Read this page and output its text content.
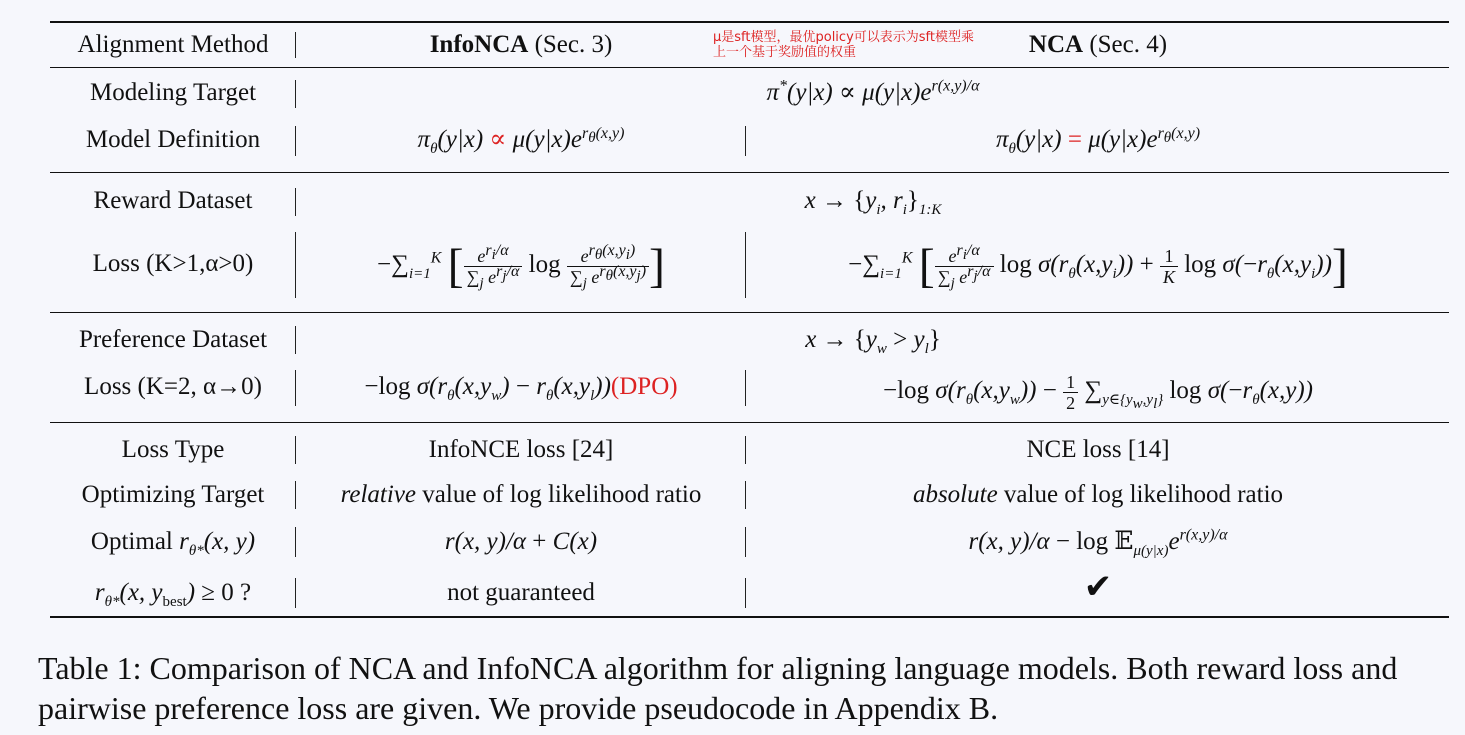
Alignment Method	InfoNCA (Sec. 3)	NCA (Sec. 4)
μ是sft模型，最优policy可以表示为sft模型乘上一个基于奖励值的权重
Modeling Target	$\pi^*(y|x) \propto \mu(y|x)e^{r(x,y)/\alpha}$
Model Definition	$\pi_\theta(y|x) \propto \mu(y|x)e^{r_\theta(x,y)}$	$\pi_\theta(y|x) = \mu(y|x)e^{r_\theta(x,y)}$
Reward Dataset	$x \to \{y_i$, $r_i\}_{1:K}$
Loss (K>1,α>0)	$-\sum_{i=1}^K$ [ $\frac{e^{r_i/\alpha}}{\sum_j e^{r_j/\alpha}}$ $\log \frac{e^{r_\theta(x,y_i)}}{\sum_j e^{r_\theta(x,y_j)}}$ ]	$-\sum_{i=1}^K$ [ $\frac{e^{r_i/\alpha}}{\sum_j e^{r_j/\alpha}}$ $\log \sigma(r_\theta(x,y_i)) + \frac{1}{K}$ $\log \sigma(-r_\theta(x,y_i))$]
Preference Dataset	$x \to \{y_w > y_l\}$
Loss (K=2, α→0)	−log $\sigma(r_\theta(x,y_w) - r_\theta(x,y_l))(DPO)$	−log $\sigma(r_\theta(x,y_w)) - \frac{1}{2} \sum_{y\in\{y_w,y_l\}}$ $\log \sigma(-r_\theta(x,y))$
Loss Type	InfoNCE loss [24]	NCE loss [14]
Optimizing Target	relative value of log likelihood ratio	absolute value of log likelihood ratio
Optimal $r_{\theta*}(x$, y)	r(x, y)/α + C(x)	r(x, $y)/\alpha - \log 𝔼_{\mu(y|x)}e^{r(x,y)/\alpha}$
$r_{\theta*}(x$, $y_{best}) \ge 0$ ?	not guaranteed	✔
Table 1: Comparison of NCA and InfoNCA algorithm for aligning language models. Both reward loss and pairwise preference loss are given. We provide pseudocode in Appendix B.
